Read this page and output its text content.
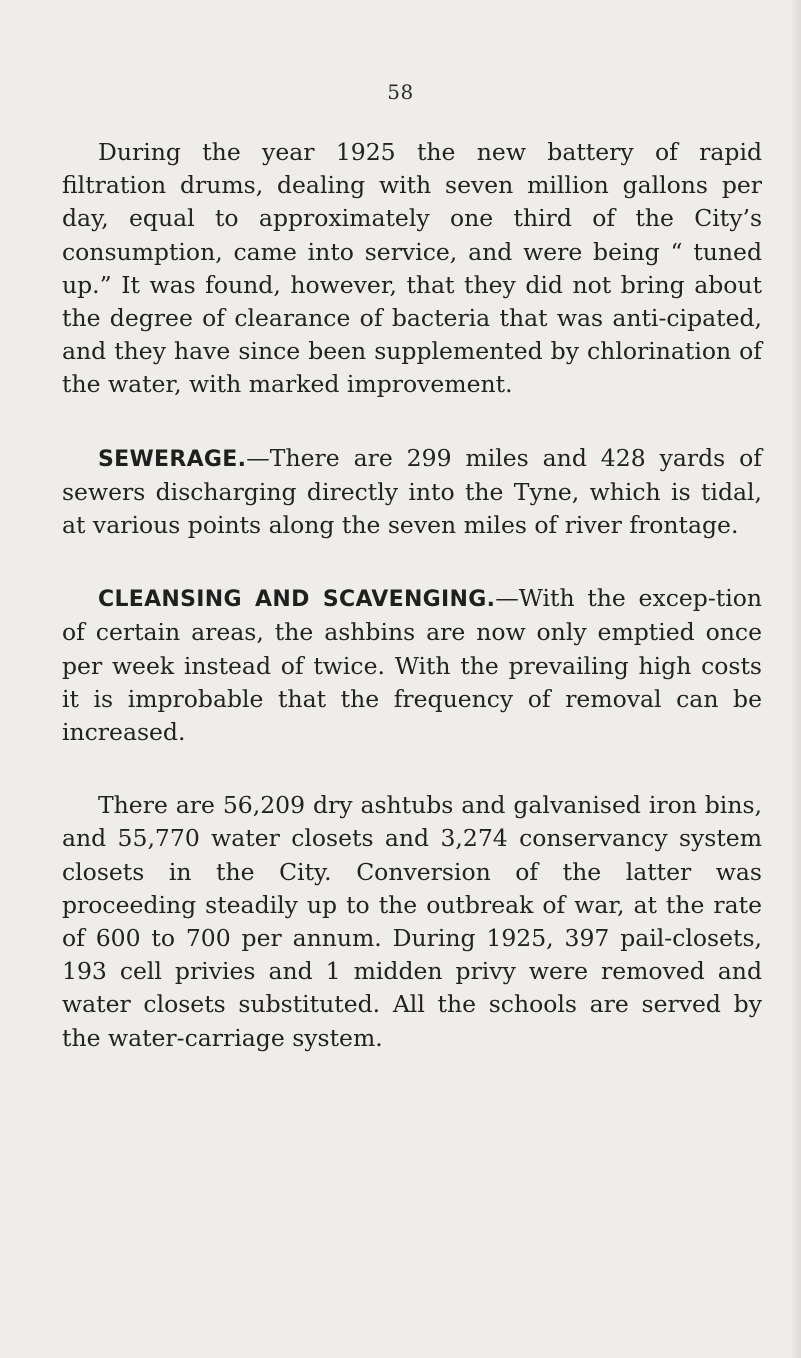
58

During the year 1925 the new battery of rapid filtration drums, dealing with seven million gallons per day, equal to approximately one third of the City’s consumption, came into service, and were being “ tuned up.” It was found, however, that they did not bring about the degree of clearance of bacteria that was anti-cipated, and they have since been supplemented by chlorination of the water, with marked improvement.

SEWERAGE.—There are 299 miles and 428 yards of sewers discharging directly into the Tyne, which is tidal, at various points along the seven miles of river frontage.

CLEANSING AND SCAVENGING.—With the excep-tion of certain areas, the ashbins are now only emptied once per week instead of twice. With the prevailing high costs it is improbable that the frequency of removal can be increased.

There are 56,209 dry ashtubs and galvanised iron bins, and 55,770 water closets and 3,274 conservancy system closets in the City. Conversion of the latter was proceeding steadily up to the outbreak of war, at the rate of 600 to 700 per annum. During 1925, 397 pail-closets, 193 cell privies and 1 midden privy were removed and water closets substituted. All the schools are served by the water-carriage system.
